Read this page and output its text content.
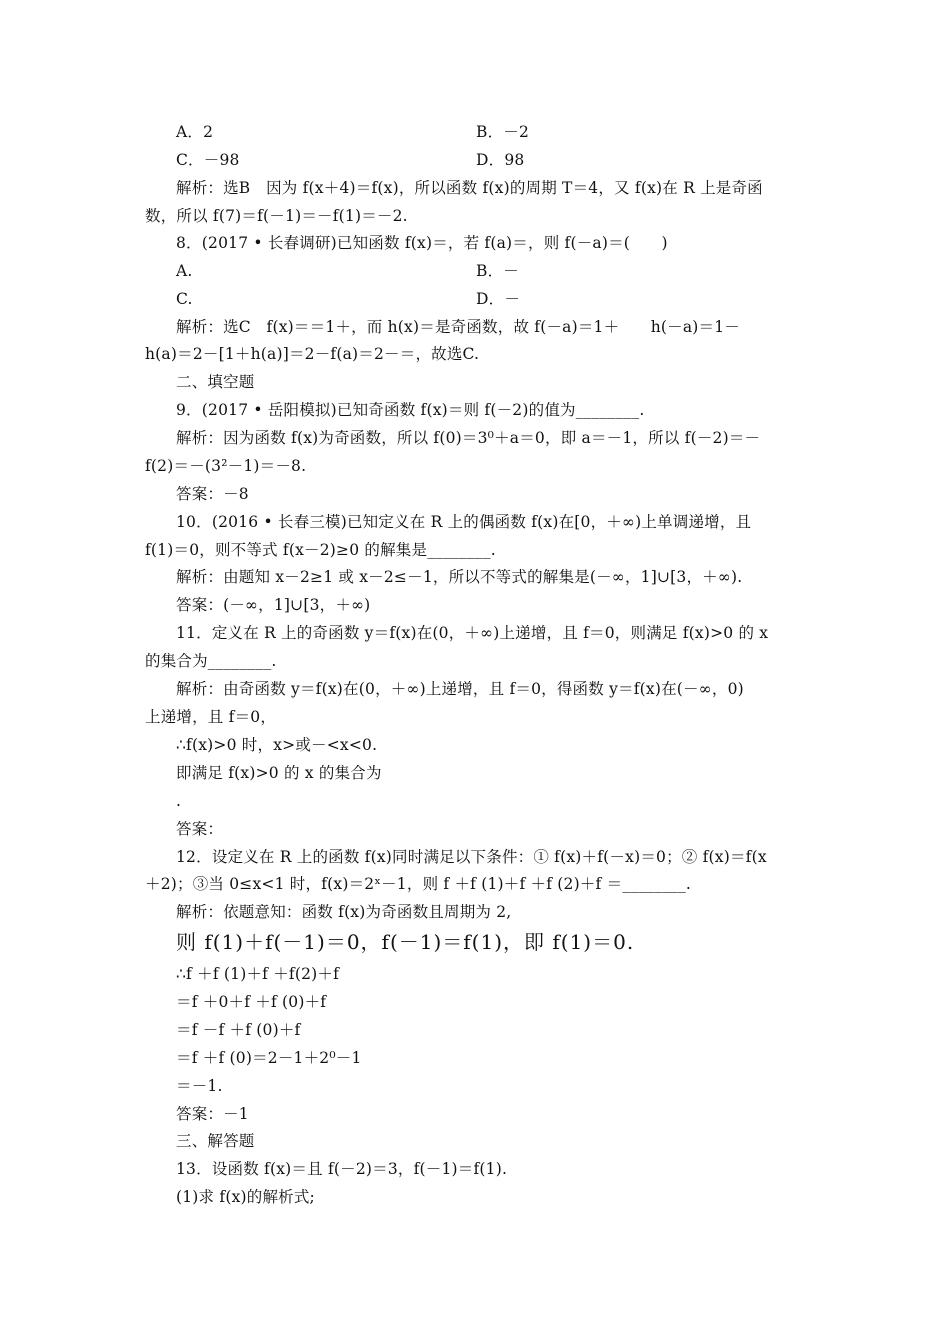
A．2	B．－2
C．－98	D．98
解析：选B　因为 f(x＋4)＝f(x)，所以函数 f(x)的周期 T＝4，又 f(x)在 R 上是奇函
数，所以 f(7)＝f(－1)＝－f(1)＝－2.
8．(2017 • 长春调研)已知函数 f(x)＝，若 f(a)＝，则 f(－a)＝(　　)
A.	B．－
C.	D．－
解析：选C　f(x)＝＝1＋，而 h(x)＝是奇函数，故 f(－a)＝1＋　　h(－a)＝1－
h(a)＝2－[1＋h(a)]＝2－f(a)＝2－＝，故选C.
二、填空题
9．(2017 • 岳阳模拟)已知奇函数 f(x)＝则 f(－2)的值为________.
解析：因为函数 f(x)为奇函数，所以 f(0)＝3⁰＋a＝0，即 a＝－1，所以 f(－2)＝－
f(2)＝－(3²－1)＝－8.
答案：－8
10．(2016 • 长春三模)已知定义在 R 上的偶函数 f(x)在[0，＋∞)上单调递增，且
f(1)＝0，则不等式 f(x－2)≥0 的解集是________.
解析：由题知 x－2≥1 或 x－2≤－1，所以不等式的解集是(－∞，1]∪[3，＋∞).
答案：(－∞，1]∪[3，＋∞)
11．定义在 R 上的奇函数 y＝f(x)在(0，＋∞)上递增，且 f＝0，则满足 f(x)>0 的 x
的集合为________.
解析：由奇函数 y＝f(x)在(0，＋∞)上递增，且 f＝0，得函数 y＝f(x)在(－∞，0)
上递增，且 f＝0，
∴f(x)>0 时，x>或－<x<0.
即满足 f(x)>0 的 x 的集合为
.
答案：
12．设定义在 R 上的函数 f(x)同时满足以下条件：① f(x)＋f(－x)＝0；② f(x)＝f(x
＋2)；③当 0≤x<1 时，f(x)＝2ˣ－1，则 f ＋f (1)＋f ＋f (2)＋f ＝________.
解析：依题意知：函数 f(x)为奇函数且周期为 2,
则 f(1)＋f(－1)＝0，f(－1)＝f(1)，即 f(1)＝0.
∴f ＋f (1)＋f ＋f(2)＋f
＝f ＋0＋f ＋f (0)＋f
＝f －f ＋f (0)＋f
＝f ＋f (0)＝2－1＋2⁰－1
＝－1.
答案：－1
三、解答题
13．设函数 f(x)＝且 f(－2)＝3，f(－1)＝f(1).
(1)求 f(x)的解析式;
